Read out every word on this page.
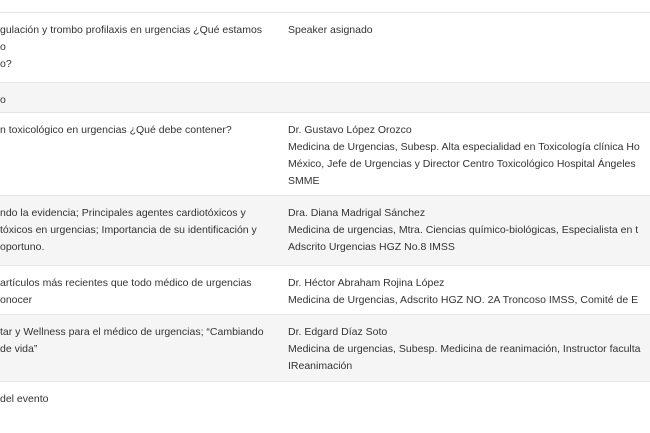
gulación y trombo profilaxis en urgencias ¿Qué estamos
o
o?
Speaker asignado
o
n toxicológico en urgencias ¿Qué debe contener?	Dr. Gustavo López Orozco
Medicina de Urgencias, Subesp. Alta especialidad en Toxicología clínica Ho
México, Jefe de Urgencias y Director Centro Toxicológico Hospital Ángeles
SMME
ndo la evidencia; Principales agentes cardiotóxicos y
tóxicos en urgencias; Importancia de su identificación y
oportuno.
Dra. Diana Madrigal Sánchez
Medicina de urgencias, Mtra. Ciencias químico-biológicas, Especialista en t
Adscrito Urgencias HGZ No.8 IMSS
artículos más recientes que todo médico de urgencias
onocer
Dr. Héctor Abraham Rojina López
Medicina de Urgencias, Adscrito HGZ NO. 2A Troncoso IMSS, Comité de E
tar y Wellness para el médico de urgencias; “Cambiando
de vida”
Dr. Edgard Díaz Soto
Medicina de urgencias, Subesp. Medicina de reanimación, Instructor faculta
IReanimación
del evento
